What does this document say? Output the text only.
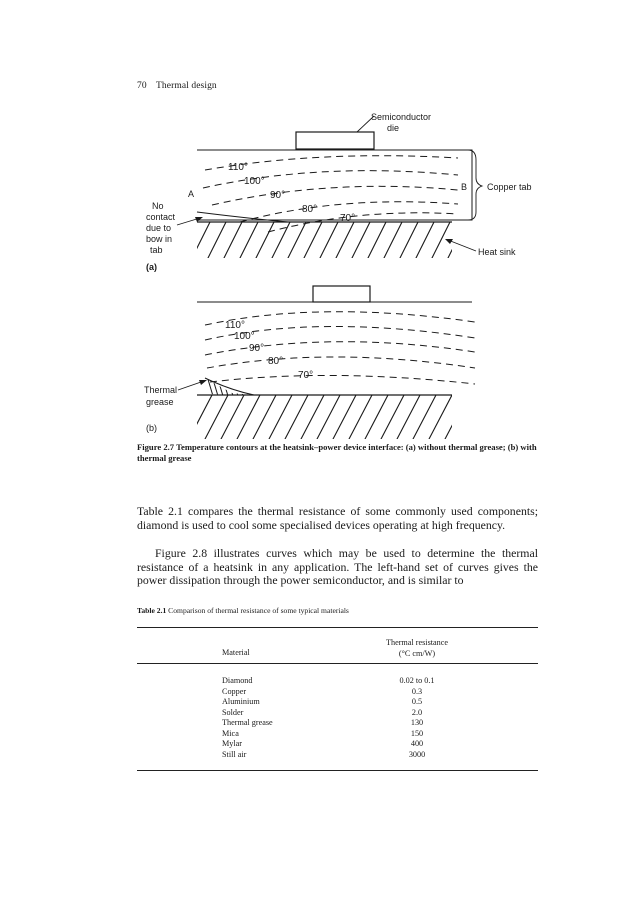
70 Thermal design
Semiconductor
die
110°
100°
90°
80°
70°
A
B Copper tab
No
contact
due to
bow in
tab	Heat sink
(a)
110°
100°
90°
80°
70°
Thermal
grease
(b)
Figure 2.7 Temperature contours at the heatsink–power device interface: (a) without thermal grease; (b) with thermal grease
Table 2.1 compares the thermal resistance of some commonly used components; diamond is used to cool some specialised devices operating at high frequency.
Figure 2.8 illustrates curves which may be used to determine the thermal resistance of a heatsink in any application. The left-hand set of curves gives the power dissipation through the power semiconductor, and is similar to
Table 2.1 Comparison of thermal resistance of some typical materials
Material
Thermal resistance
(°C cm/W)
Diamond	0.02 to 0.1
Copper	0.3
Aluminium	0.5
Solder	2.0
Thermal grease	130
Mica	150
Mylar	400
Still air	3000
